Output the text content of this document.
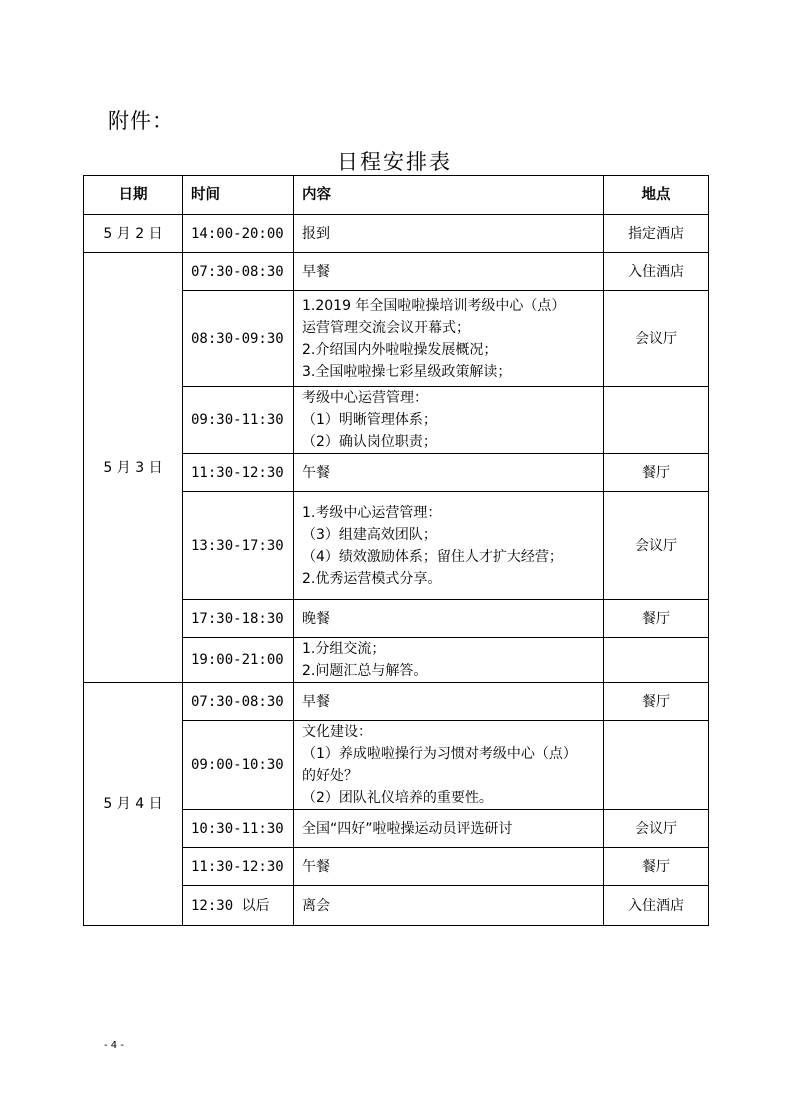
附件：
日程安排表
日期	时间	内容	地点
5 月 2 日	14:00-20:00	报到	指定酒店
5 月 3 日	07:30-08:30	早餐	入住酒店
	08:30-09:30	1.2019 年全国啦啦操培训考级中心（点）
运营管理交流会议开幕式；
2.介绍国内外啦啦操发展概况；
3.全国啦啦操七彩星级政策解读；	会议厅
	09:30-11:30	考级中心运营管理：
（1）明晰管理体系；
（2）确认岗位职责；	

	11:30-12:30	午餐	餐厅
	13:30-17:30	1.考级中心运营管理：
（3）组建高效团队；
（4）绩效激励体系；留住人才扩大经营；
2.优秀运营模式分享。	会议厅
	17:30-18:30	晚餐	餐厅
	19:00-21:00	1.分组交流；
2.问题汇总与解答。	

5 月 4 日	07:30-08:30	早餐	餐厅
	09:00-10:30	文化建设：
（1）养成啦啦操行为习惯对考级中心（点）
的好处？
（2）团队礼仪培养的重要性。	

	10:30-11:30	全国“四好”啦啦操运动员评选研讨	会议厅
	11:30-12:30	午餐	餐厅
	12:30 以后	离会	入住酒店
- 4 -
